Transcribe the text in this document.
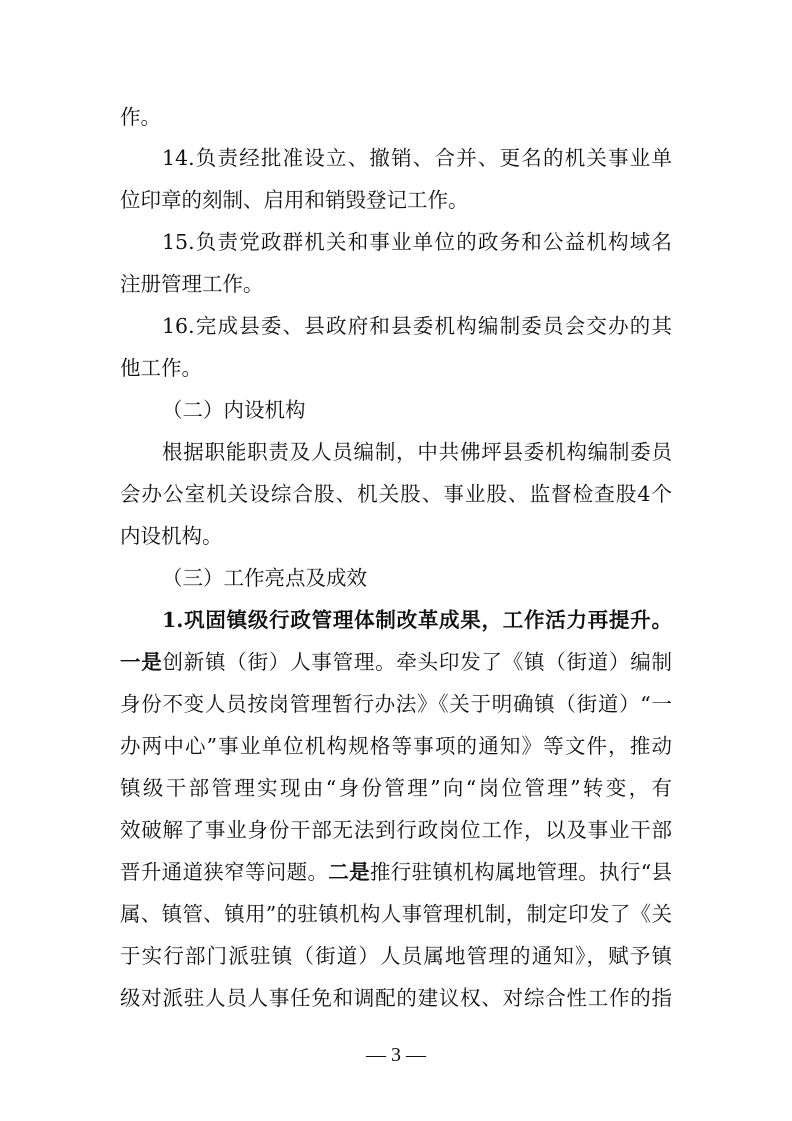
作。
14.负责经批准设立、撤销、合并、更名的机关事业单
位印章的刻制、启用和销毁登记工作。
15.负责党政群机关和事业单位的政务和公益机构域名
注册管理工作。
16.完成县委、县政府和县委机构编制委员会交办的其
他工作。
（二）内设机构
根据职能职责及人员编制，中共佛坪县委机构编制委员
会办公室机关设综合股、机关股、事业股、监督检查股4个
内设机构。
（三）工作亮点及成效
1.巩固镇级行政管理体制改革成果，工作活力再提升。
一是创新镇（街）人事管理。牵头印发了《镇（街道）编制
身份不变人员按岗管理暂行办法》《关于明确镇（街道）“一
办两中心”事业单位机构规格等事项的通知》等文件，推动
镇级干部管理实现由“身份管理”向“岗位管理”转变，有
效破解了事业身份干部无法到行政岗位工作，以及事业干部
晋升通道狭窄等问题。二是推行驻镇机构属地管理。执行“县
属、镇管、镇用”的驻镇机构人事管理机制，制定印发了《关
于实行部门派驻镇（街道）人员属地管理的通知》，赋予镇
级对派驻人员人事任免和调配的建议权、对综合性工作的指
— 3 —
